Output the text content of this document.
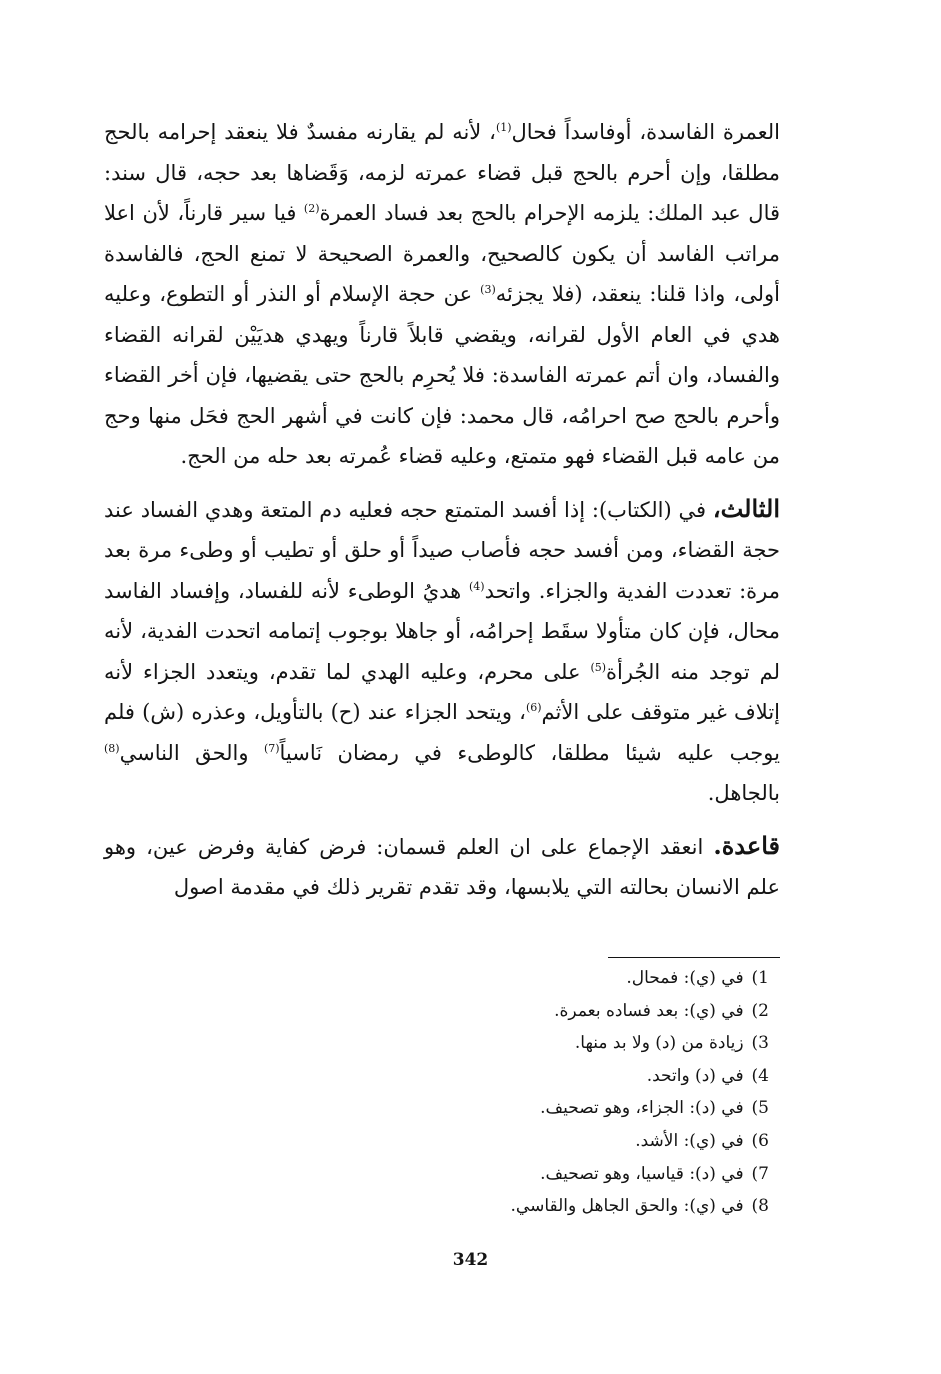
العمرة الفاسدة، أوفاسداً فحال$^{(1)}$، لأنه لم يقارنه مفسدٌ فلا ينعقد إحرامه بالحج مطلقا، وإن أحرم بالحج قبل قضاء عمرته لزمه، وَقَضاها بعد حجه، قال سند: قال عبد الملك: يلزمه الإحرام بالحج بعد فساد العمرة$^{(2)}$ فيا سير قارناً، لأن اعلا مراتب الفاسد أن يكون كالصحيح، والعمرة الصحيحة لا تمنع الحج، فالفاسدة أولى، واذا قلنا: ينعقد، (فلا يجزئه$^{(3)}$ عن حجة الإسلام أو النذر أو التطوع، وعليه هدي في العام الأول لقرانه، ويقضي قابلاً قارناً ويهدي هديَيْن لقرانه القضاء والفساد، وان أتم عمرته الفاسدة: فلا يُحرِم بالحج حتى يقضيها، فإن أخر القضاء وأحرم بالحج صح احرامُه، قال محمد: فإن كانت في أشهر الحج فحَل منها وحج من عامه قبل القضاء فهو متمتع، وعليه قضاء عُمرته بعد حله من الحج.

الثالث، في (الكتاب): إذا أفسد المتمتع حجه فعليه دم المتعة وهدي الفساد عند حجة القضاء، ومن أفسد حجه فأصاب صيداً أو حلق أو تطيب أو وطىء مرة بعد مرة: تعددت الفدية والجزاء. واتحد$^{(4)}$ هديُ الوطىء لأنه للفساد، وإفساد الفاسد محال، فإن كان متأولا سقَط إحرامُه، أو جاهلا بوجوب إتمامه اتحدت الفدية، لأنه لم توجد منه الجُرأة$^{(5)}$ على محرم، وعليه الهدي لما تقدم، ويتعدد الجزاء لأنه إتلاف غير متوقف على الأثم$^{(6)}$، ويتحد الجزاء عند (ح) بالتأويل، وعذره (ش) فلم يوجب عليه شيئا مطلقا، كالوطىء في رمضان نَاسياً$^{(7)}$ والحق الناسي$^{(8)}$ بالجاهل.

قاعدة. انعقد الإجماع على ان العلم قسمان: فرض كفاية وفرض عين، وهو علم الانسان بحالته التي يلابسها، وقد تقدم تقرير ذلك في مقدمة اصول

1) في (ي): فمحال.
2) في (ي): بعد فساده بعمرة.
3) زيادة من (د) ولا بد منها.
4) في (د) واتحد.
5) في (د): الجزاء، وهو تصحيف.
6) في (ي): الأشد.
7) في (د): قياسيا، وهو تصحيف.
8) في (ي): والحق الجاهل والقاسي.
342
